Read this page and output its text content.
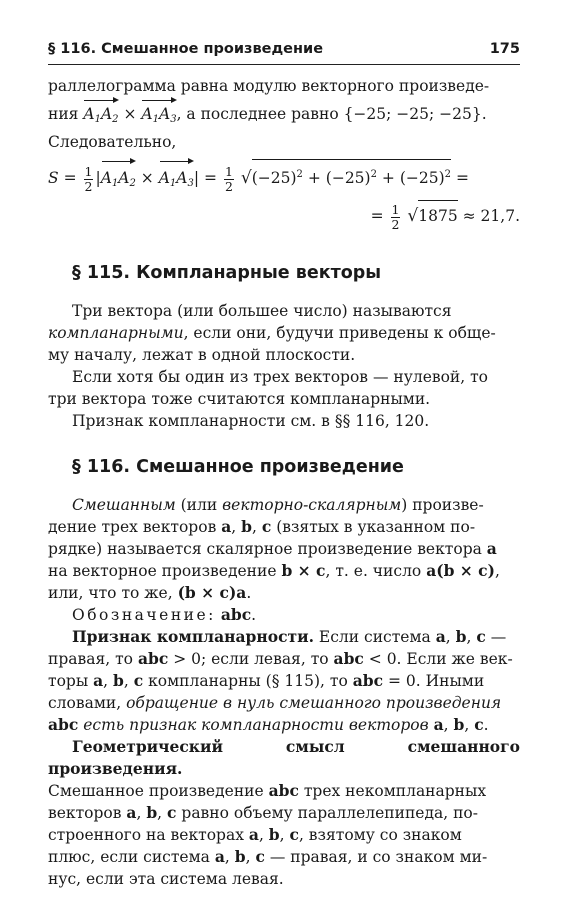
§ 116. Смешанное произведение	175
раллелограмма равна модулю векторного произведе-
ния $A_1A_2 \times A_1A_3$, а последнее равно {−25; −25; −25}.
Следовательно,
$S = \frac{1}{2} |A_1A_2 \times A_1A_3| = \frac{1}{2}$
√ $(-25)^2 + (-25)^2 + (-25)^2$ =
= $\frac{1}{2}$
√ 1875 ≈ 21,7.
§ 115. Компланарные векторы
Три вектора (или большее число) называются
компланарными, если они, будучи приведены к обще-
му началу, лежат в одной плоскости.
Если хотя бы один из трех векторов — нулевой, то
три вектора тоже считаются компланарными.
Признак компланарности см. в §§ 116, 120.
§ 116. Смешанное произведение
Смешанным (или векторно-скалярным) произве-
дение трех векторов a, b, c (взятых в указанном по-
рядке) называется скалярное произведение вектора a
на векторное произведение b × c, т. е. число a(b × c),
или, что то же, (b × c)a.
Обозначение: abc.
Признак компланарности. Если система a, b, c —
правая, то abc > 0; если левая, то abc < 0. Если же век-
торы a, b, c компланарны (§ 115), то abc = 0. Иными
словами, обращение в нуль смешанного произведения
abc есть признак компланарности векторов a, b, c.
Геометрический смысл смешанного произведения.
Смешанное произведение abc трех некомпланарных
векторов a, b, c равно объему параллелепипеда, по-
строенного на векторах a, b, c, взятому со знаком
плюс, если система a, b, c — правая, и со знаком ми-
нус, если эта система левая.
